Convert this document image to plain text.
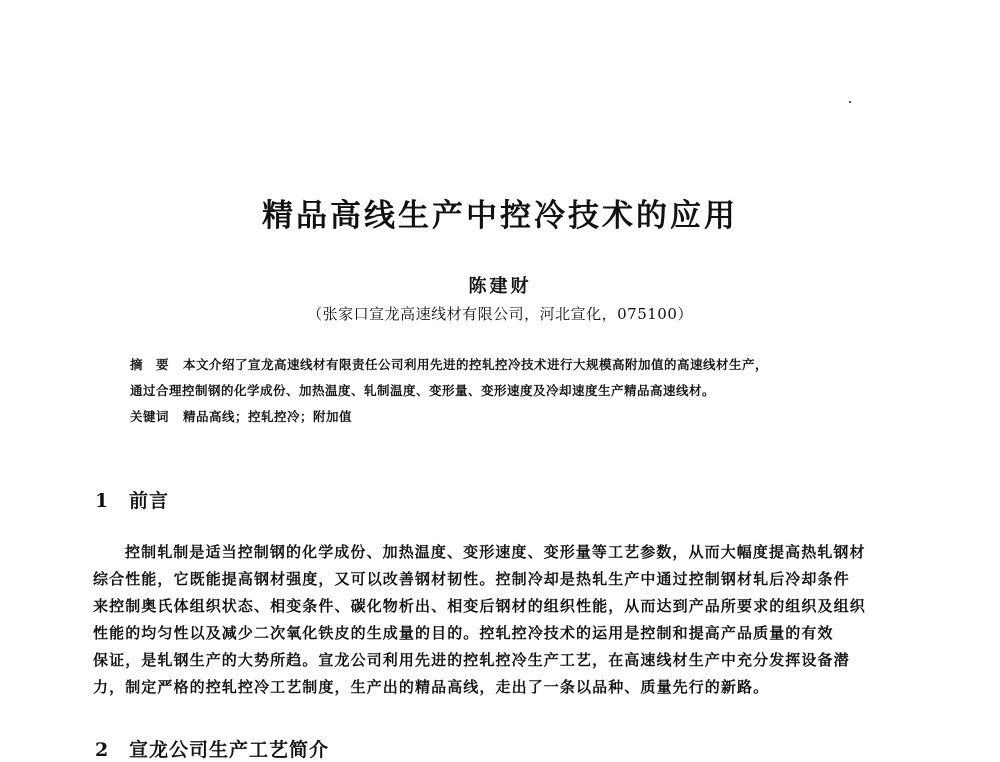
精品高线生产中控冷技术的应用
陈建财
（张家口宣龙高速线材有限公司，河北宣化，075100）
摘　要 本文介绍了宣龙高速线材有限责任公司利用先进的控轧控冷技术进行大规模高附加值的高速线材生产，
通过合理控制钢的化学成份、加热温度、轧制温度、变形量、变形速度及冷却速度生产精品高速线材。
关键词 精品高线；控轧控冷；附加值
1 前言
控制轧制是适当控制钢的化学成份、加热温度、变形速度、变形量等工艺参数，从而大幅度提高热轧钢材
综合性能，它既能提高钢材强度，又可以改善钢材韧性。控制冷却是热轧生产中通过控制钢材轧后冷却条件
来控制奥氏体组织状态、相变条件、碳化物析出、相变后钢材的组织性能，从而达到产品所要求的组织及组织
性能的均匀性以及减少二次氧化铁皮的生成量的目的。控轧控冷技术的运用是控制和提高产品质量的有效
保证，是轧钢生产的大势所趋。宣龙公司利用先进的控轧控冷生产工艺，在高速线材生产中充分发挥设备潜
力，制定严格的控轧控冷工艺制度，生产出的精品高线，走出了一条以品种、质量先行的新路。
2 宣龙公司生产工艺简介
